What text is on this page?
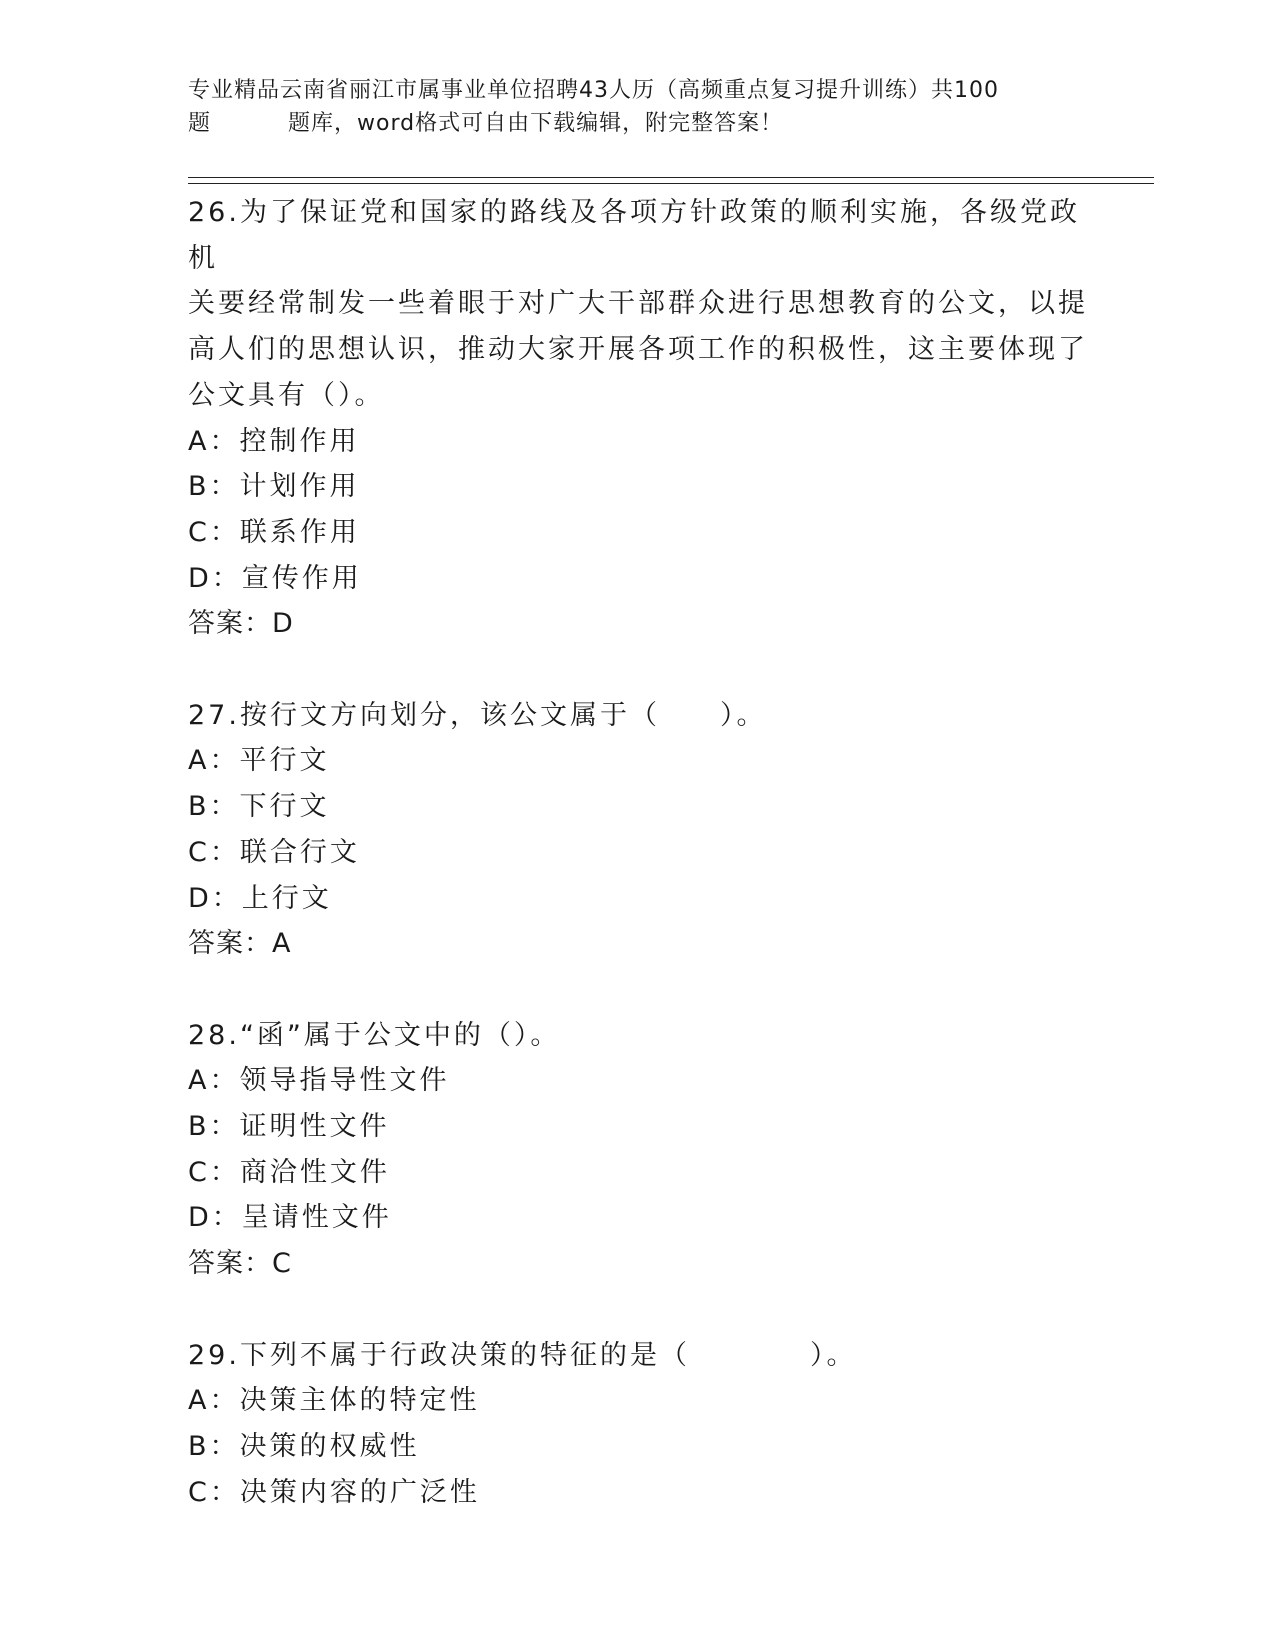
专业精品云南省丽江市属事业单位招聘43人历（高频重点复习提升训练）共100
题	题库，word格式可自由下载编辑，附完整答案！
26.为了保证党和国家的路线及各项方针政策的顺利实施，各级党政机
关要经常制发一些着眼于对广大干部群众进行思想教育的公文，以提
高人们的思想认识，推动大家开展各项工作的积极性，这主要体现了
公文具有（）。
A：控制作用
B：计划作用
C：联系作用
D：宣传作用
答案：D
27.按行文方向划分，该公文属于（　　）。
A：平行文
B：下行文
C：联合行文
D：上行文
答案：A
28.“函”属于公文中的（）。
A：领导指导性文件
B：证明性文件
C：商洽性文件
D：呈请性文件
答案：C
29.下列不属于行政决策的特征的是（　　　　）。
A：决策主体的特定性
B：决策的权威性
C：决策内容的广泛性
